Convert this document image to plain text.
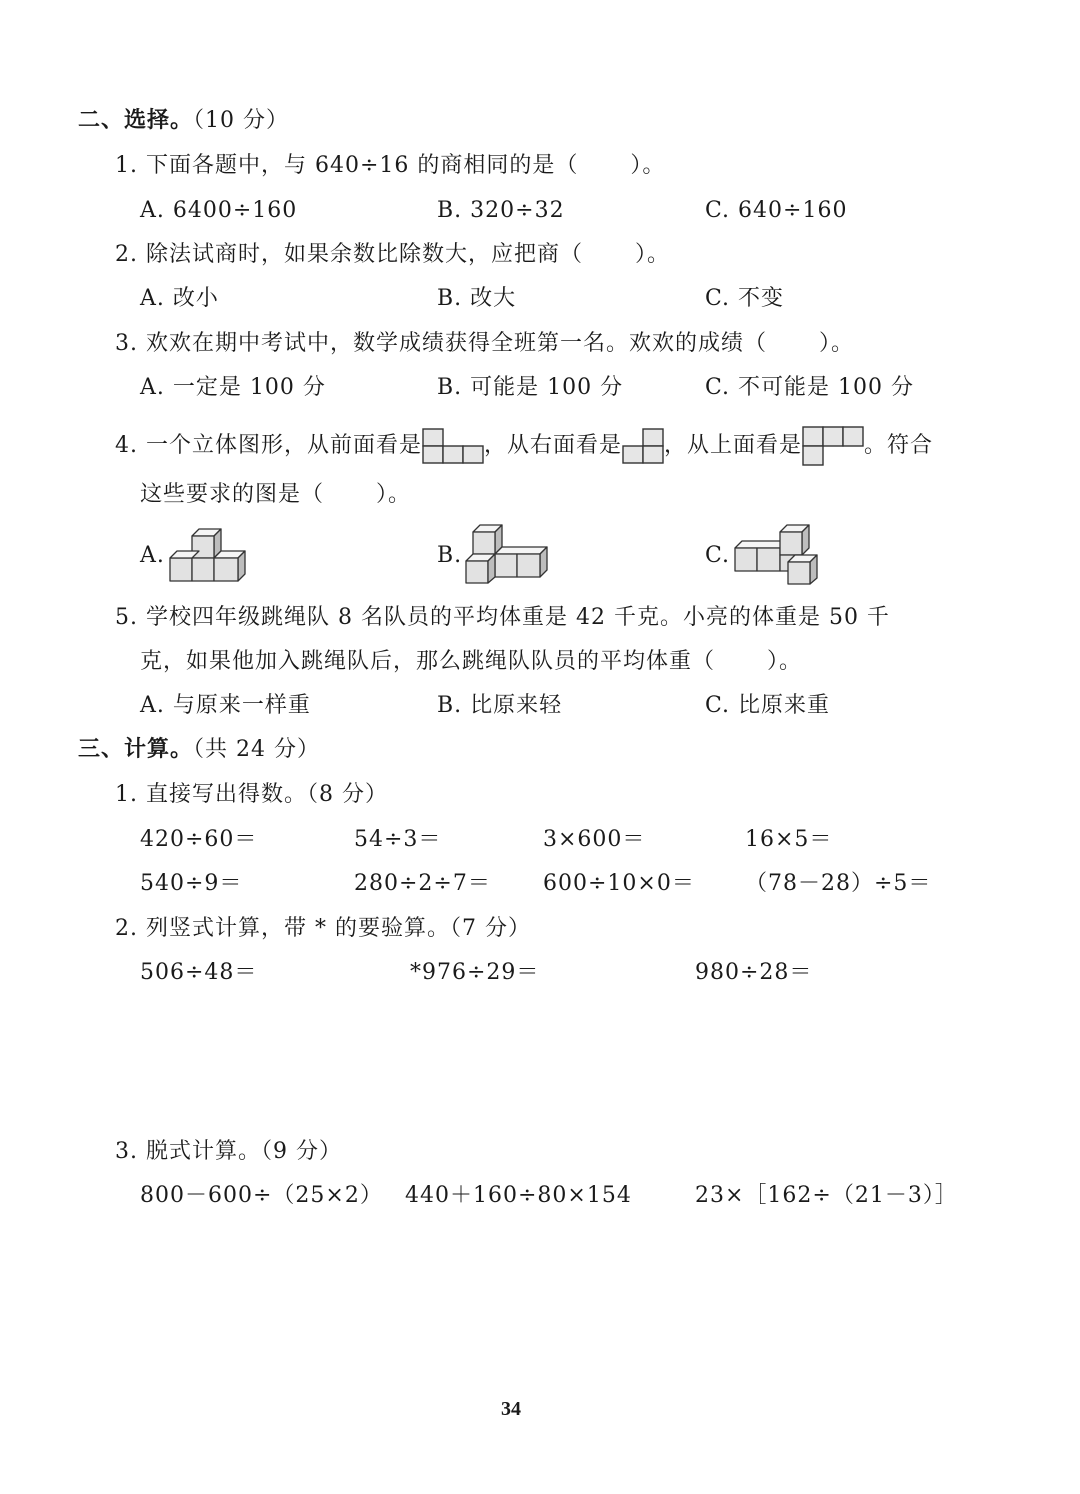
二、选择。（10 分）
1. 下面各题中，与 640÷16 的商相同的是（ ）。
A. 6400÷160	B. 320÷32	C. 640÷160
2. 除法试商时，如果余数比除数大，应把商（ ）。
A. 改小	B. 改大	C. 不变
3. 欢欢在期中考试中，数学成绩获得全班第一名。欢欢的成绩（ ）。
A. 一定是 100 分	B. 可能是 100 分	C. 不可能是 100 分
4. 一个立体图形，从前面看是	，从右面看是 ，从上面看是	。符合
这些要求的图是（ ）。
A.	B.	C.
5. 学校四年级跳绳队 8 名队员的平均体重是 42 千克。小亮的体重是 50 千
克，如果他加入跳绳队后，那么跳绳队队员的平均体重（ ）。
A. 与原来一样重	B. 比原来轻	C. 比原来重
三、计算。（共 24 分）
1. 直接写出得数。（8 分）
420÷60＝	54÷3＝	3×600＝	16×5＝
540÷9＝	280÷2÷7＝ 600÷10×0＝ （78－28）÷5＝
2. 列竖式计算，带 * 的要验算。（7 分）
506÷48＝	*976÷29＝	980÷28＝
3. 脱式计算。（9 分）
800－600÷（25×2） 440＋160÷80×154	23×［162÷（21－3）］
34
